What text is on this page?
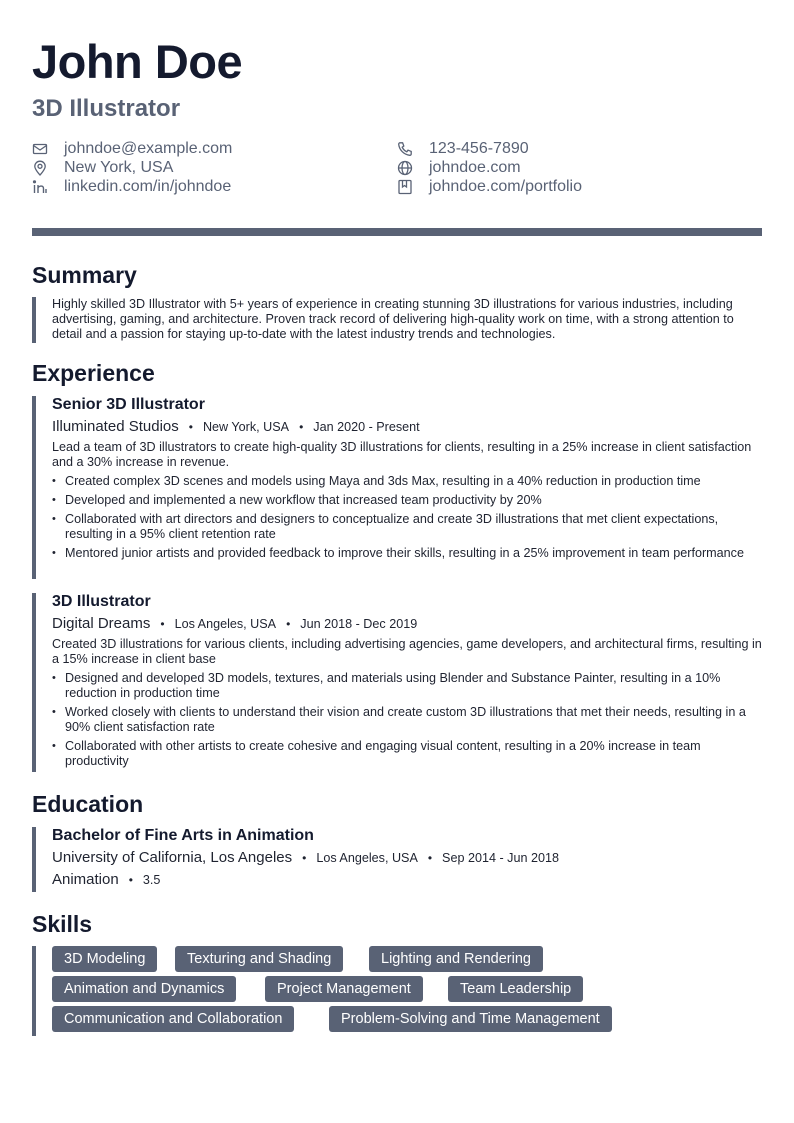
John Doe
3D Illustrator
johndoe@example.com	123-456-7890
New York, USA	johndoe.com
linkedin.com/in/johndoe	johndoe.com/portfolio
Summary
Highly skilled 3D Illustrator with 5+ years of experience in creating stunning 3D illustrations for various industries, including advertising, gaming, and architecture. Proven track record of delivering high-quality work on time, with a strong attention to detail and a passion for staying up-to-date with the latest industry trends and technologies.
Experience
Senior 3D Illustrator
Illuminated Studios • New York, USA • Jan 2020 - Present
Lead a team of 3D illustrators to create high-quality 3D illustrations for clients, resulting in a 25% increase in client satisfaction and a 30% increase in revenue.
• Created complex 3D scenes and models using Maya and 3ds Max, resulting in a 40% reduction in production time
• Developed and implemented a new workflow that increased team productivity by 20%
• Collaborated with art directors and designers to conceptualize and create 3D illustrations that met client expectations, resulting in a 95% client retention rate
• Mentored junior artists and provided feedback to improve their skills, resulting in a 25% improvement in team performance
3D Illustrator
Digital Dreams • Los Angeles, USA • Jun 2018 - Dec 2019
Created 3D illustrations for various clients, including advertising agencies, game developers, and architectural firms, resulting in a 15% increase in client base
• Designed and developed 3D models, textures, and materials using Blender and Substance Painter, resulting in a 10% reduction in production time
• Worked closely with clients to understand their vision and create custom 3D illustrations that met their needs, resulting in a 90% client satisfaction rate
• Collaborated with other artists to create cohesive and engaging visual content, resulting in a 20% increase in team productivity
Education
Bachelor of Fine Arts in Animation
University of California, Los Angeles • Los Angeles, USA • Sep 2014 - Jun 2018
Animation • 3.5
Skills
3D Modeling	Texturing and Shading	Lighting and Rendering
Animation and Dynamics	Project Management	Team Leadership
Communication and Collaboration	Problem-Solving and Time Management
